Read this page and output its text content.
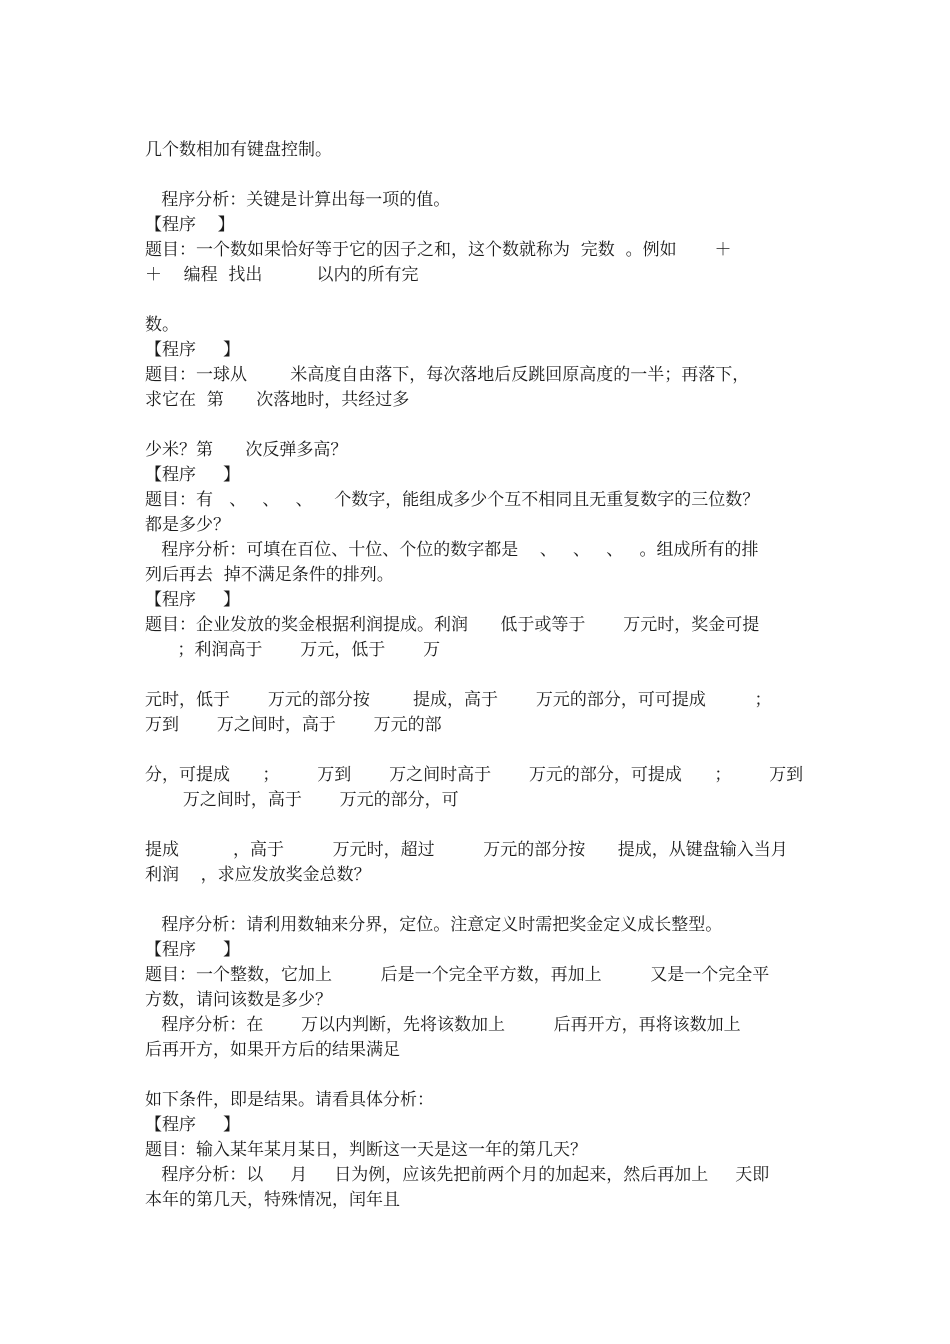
几个数相加有键盘控制。
程序分析：关键是计算出每一项的值。
【程序    】
题目：一个数如果恰好等于它的因子之和，这个数就称为  完数  。例如       ＋
＋    编程  找出          以内的所有完
数。
【程序     】
题目：一球从        米高度自由落下，每次落地后反跳回原高度的一半；再落下，
求它在  第      次落地时，共经过多
少米？第      次反弹多高？
【程序     】
题目：有   、   、   、    个数字，能组成多少个互不相同且无重复数字的三位数？
都是多少？
程序分析：可填在百位、十位、个位的数字都是    、   、   、   。组成所有的排
列后再去  掉不满足条件的排列。
【程序     】
题目：企业发放的奖金根据利润提成。利润      低于或等于       万元时，奖金可提
；利润高于       万元，低于       万
元时，低于       万元的部分按        提成，高于       万元的部分，可可提成         ；
万到       万之间时，高于       万元的部
分，可提成      ；       万到       万之间时高于       万元的部分，可提成      ；       万到
万之间时，高于       万元的部分，可
提成          ，高于         万元时，超过         万元的部分按      提成，从键盘输入当月
利润    ，求应发放奖金总数？
程序分析：请利用数轴来分界，定位。注意定义时需把奖金定义成长整型。
【程序     】
题目：一个整数，它加上         后是一个完全平方数，再加上         又是一个完全平
方数，请问该数是多少？
程序分析：在       万以内判断，先将该数加上         后再开方，再将该数加上
后再开方，如果开方后的结果满足
如下条件，即是结果。请看具体分析：
【程序     】
题目：输入某年某月某日，判断这一天是这一年的第几天？
程序分析：以     月     日为例，应该先把前两个月的加起来，然后再加上     天即
本年的第几天，特殊情况，闰年且
